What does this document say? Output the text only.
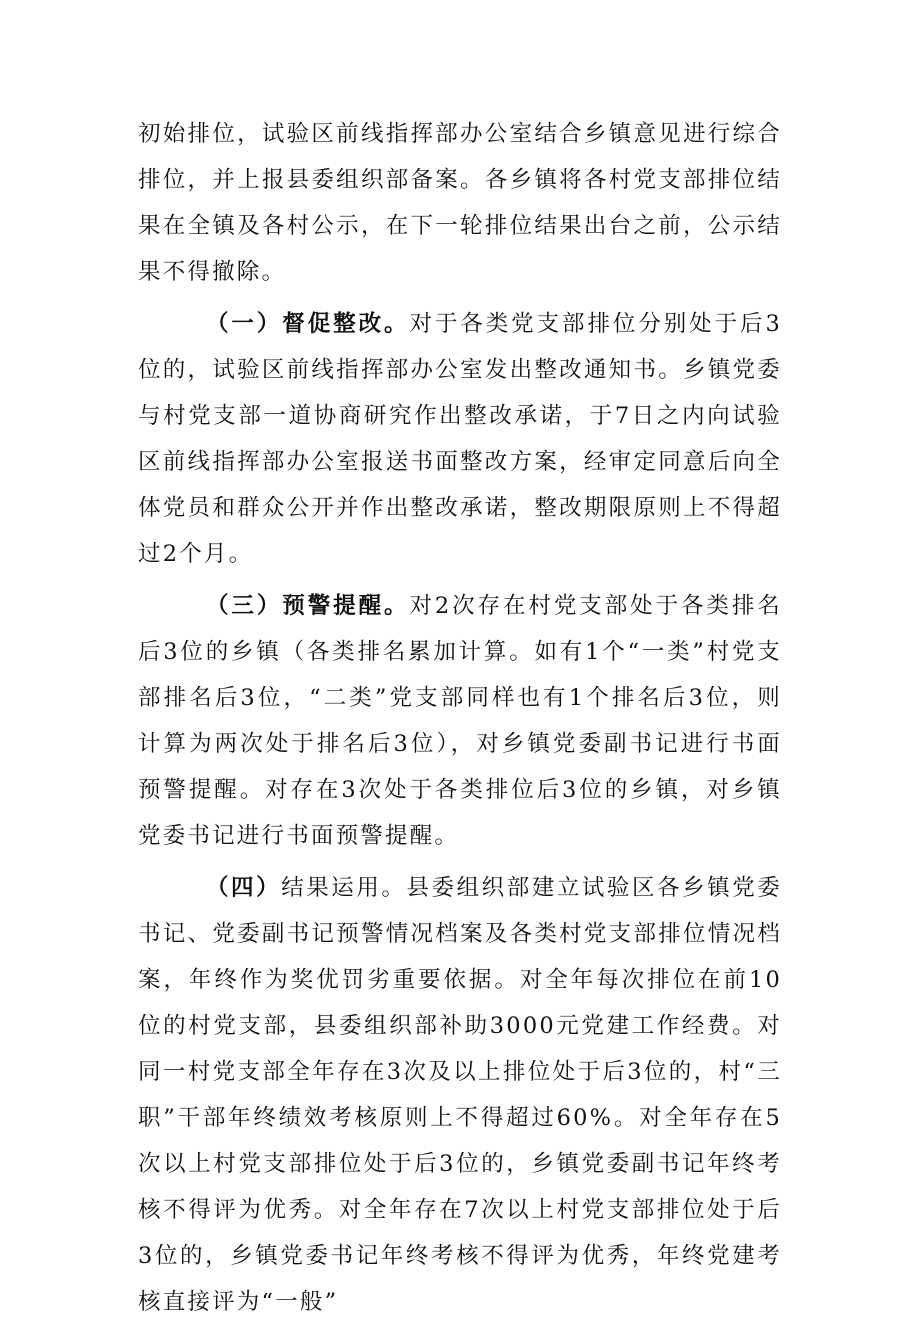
初始排位，试验区前线指挥部办公室结合乡镇意见进行综合排位，并上报县委组织部备案。各乡镇将各村党支部排位结果在全镇及各村公示，在下一轮排位结果出台之前，公示结果不得撤除。

（一）督促整改。对于各类党支部排位分别处于后3位的，试验区前线指挥部办公室发出整改通知书。乡镇党委与村党支部一道协商研究作出整改承诺，于7日之内向试验区前线指挥部办公室报送书面整改方案，经审定同意后向全体党员和群众公开并作出整改承诺，整改期限原则上不得超过2个月。

（三）预警提醒。对2次存在村党支部处于各类排名后3位的乡镇（各类排名累加计算。如有1个“一类”村党支部排名后3位，“二类”党支部同样也有1个排名后3位，则计算为两次处于排名后3位），对乡镇党委副书记进行书面预警提醒。对存在3次处于各类排位后3位的乡镇，对乡镇党委书记进行书面预警提醒。

（四）结果运用。县委组织部建立试验区各乡镇党委书记、党委副书记预警情况档案及各类村党支部排位情况档案，年终作为奖优罚劣重要依据。对全年每次排位在前10位的村党支部，县委组织部补助3000元党建工作经费。对同一村党支部全年存在3次及以上排位处于后3位的，村“三职”干部年终绩效考核原则上不得超过60%。对全年存在5次以上村党支部排位处于后3位的，乡镇党委副书记年终考核不得评为优秀。对全年存在7次以上村党支部排位处于后3位的，乡镇党委书记年终考核不得评为优秀，年终党建考核直接评为“一般”
